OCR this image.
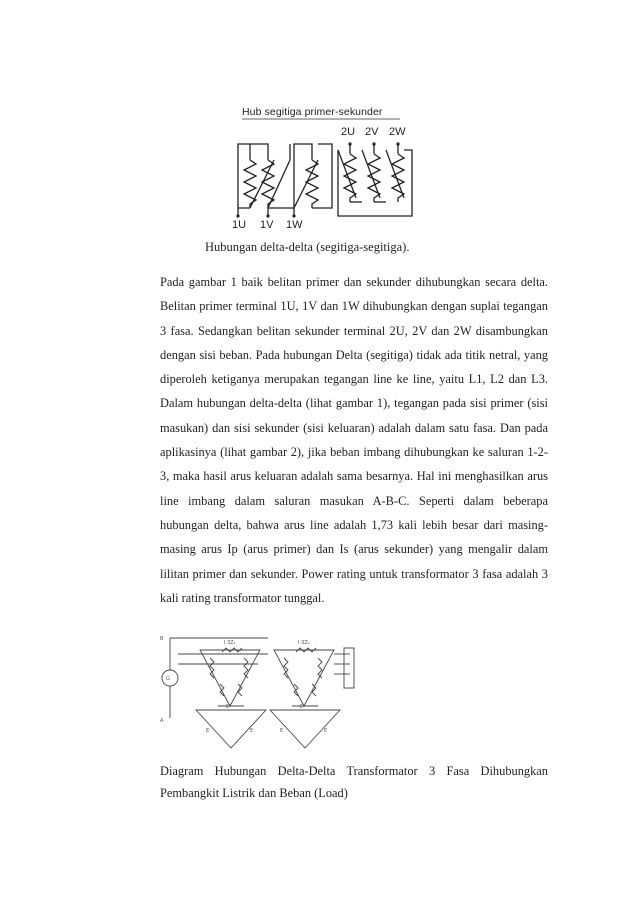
Hub segitiga primer-sekunder
2U 2V 2W
1U 1V 1W
Hubungan delta-delta (segitiga-segitiga).

Pada gambar 1 baik belitan primer dan sekunder dihubungkan secara delta. Belitan primer terminal 1U, 1V dan 1W dihubungkan dengan suplai tegangan 3 fasa. Sedangkan belitan sekunder terminal 2U, 2V dan 2W disambungkan dengan sisi beban. Pada hubungan Delta (segitiga) tidak ada titik netral, yang diperoleh ketiganya merupakan tegangan line ke line, yaitu L1, L2 dan L3. Dalam hubungan delta-delta (lihat gambar 1), tegangan pada sisi primer (sisi masukan) dan sisi sekunder (sisi keluaran) adalah dalam satu fasa. Dan pada aplikasinya (lihat gambar 2), jika beban imbang dihubungkan ke saluran 1-2-3, maka hasil arus keluaran adalah sama besarnya. Hal ini menghasilkan arus line imbang dalam saluran masukan A-B-C. Seperti dalam beberapa hubungan delta, bahwa arus line adalah 1,73 kali lebih besar dari masing-masing arus Ip (arus primer) dan Is (arus sekunder) yang mengalir dalam lilitan primer dan sekunder. Power rating untuk transformator 3 fasa adalah 3 kali rating transformator tunggal.

G
B
A
I·3Z₁	I·3Z₂
E	E
E	E	E	E
Diagram Hubungan Delta-Delta Transformator 3 Fasa Dihubungkan
Pembangkit Listrik dan Beban (Load)
